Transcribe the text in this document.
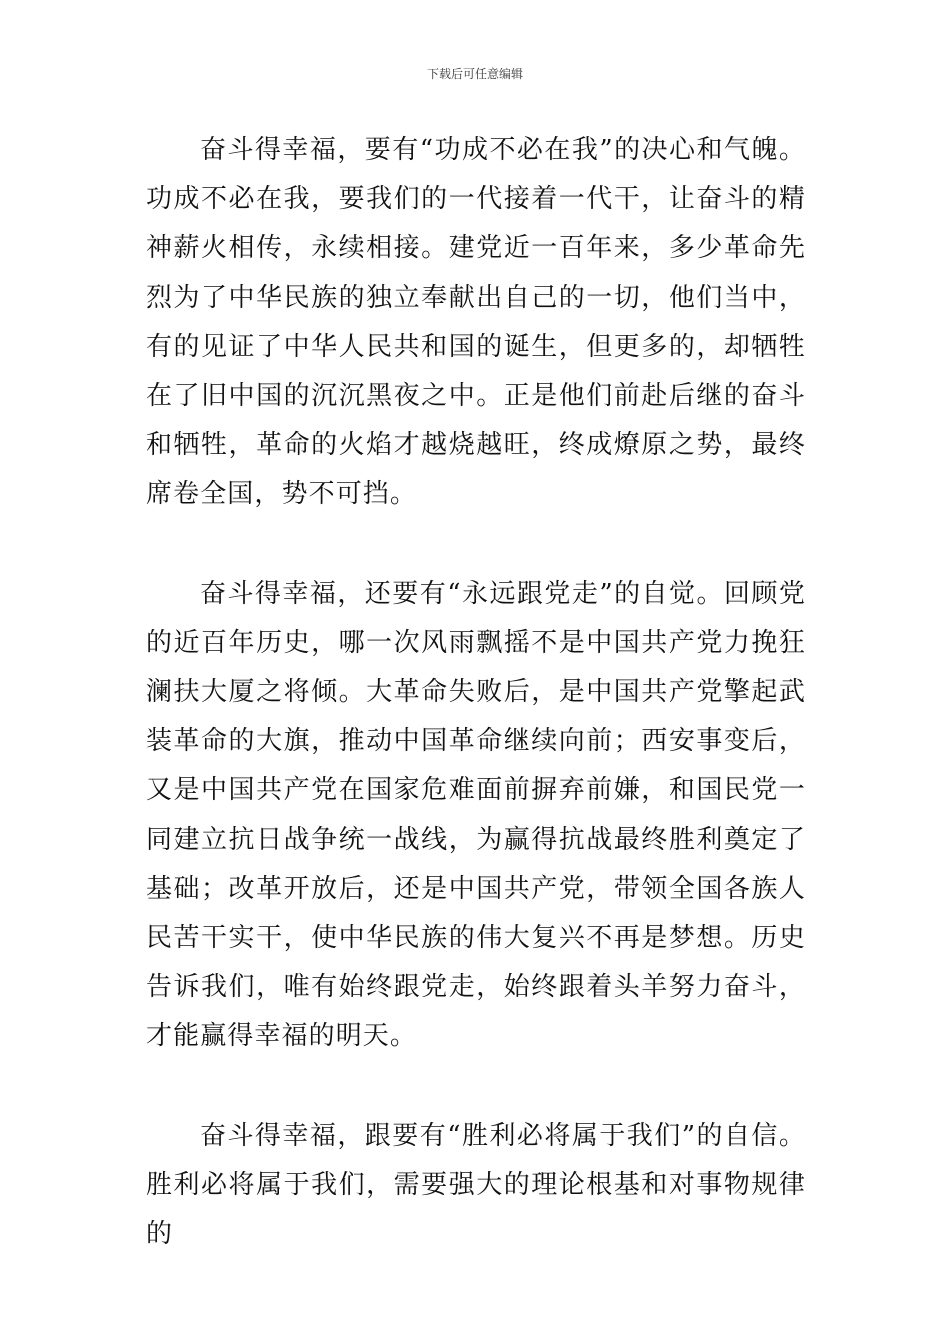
下载后可任意编辑

奋斗得幸福，要有“功成不必在我”的决心和气魄。功成不必在我，要我们的一代接着一代干，让奋斗的精神薪火相传，永续相接。建党近一百年来，多少革命先烈为了中华民族的独立奉献出自己的一切，他们当中，有的见证了中华人民共和国的诞生，但更多的，却牺牲在了旧中国的沉沉黑夜之中。正是他们前赴后继的奋斗和牺牲，革命的火焰才越烧越旺，终成燎原之势，最终席卷全国，势不可挡。

奋斗得幸福，还要有“永远跟党走”的自觉。回顾党的近百年历史，哪一次风雨飘摇不是中国共产党力挽狂澜扶大厦之将倾。大革命失败后，是中国共产党擎起武装革命的大旗，推动中国革命继续向前；西安事变后，又是中国共产党在国家危难面前摒弃前嫌，和国民党一同建立抗日战争统一战线，为赢得抗战最终胜利奠定了基础；改革开放后，还是中国共产党，带领全国各族人民苦干实干，使中华民族的伟大复兴不再是梦想。历史告诉我们，唯有始终跟党走，始终跟着头羊努力奋斗，才能赢得幸福的明天。

奋斗得幸福，跟要有“胜利必将属于我们”的自信。胜利必将属于我们，需要强大的理论根基和对事物规律的
